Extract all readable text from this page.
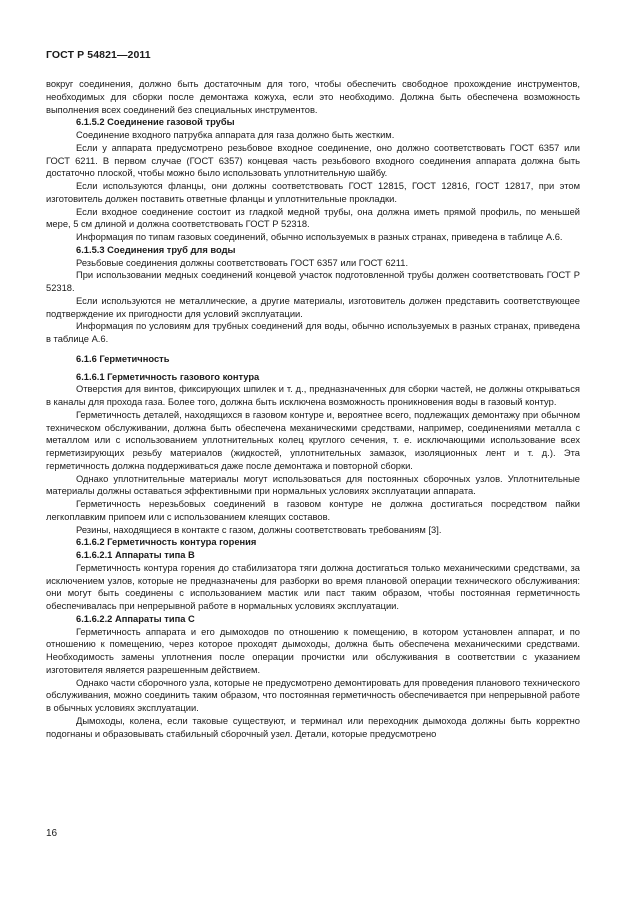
ГОСТ Р 54821—2011

вокруг соединения, должно быть достаточным для того, чтобы обеспечить свободное прохождение инструментов, необходимых для сборки после демонтажа кожуха, если это необходимо. Должна быть обеспечена возможность выполнения всех соединений без специальных инструментов.

6.1.5.2 Соединение газовой трубы

Соединение входного патрубка аппарата для газа должно быть жестким.

Если у аппарата предусмотрено резьбовое входное соединение, оно должно соответствовать ГОСТ 6357 или ГОСТ 6211. В первом случае (ГОСТ 6357) концевая часть резьбового входного соединения аппарата должна быть достаточно плоской, чтобы можно было использовать уплотнительную шайбу.

Если используются фланцы, они должны соответствовать ГОСТ 12815, ГОСТ 12816, ГОСТ 12817, при этом изготовитель должен поставить ответные фланцы и уплотнительные прокладки.

Если входное соединение состоит из гладкой медной трубы, она должна иметь прямой профиль, по меньшей мере, 5 см длиной и должна соответствовать ГОСТ Р 52318.

Информация по типам газовых соединений, обычно используемых в разных странах, приведена в таблице А.6.

6.1.5.3 Соединения труб для воды

Резьбовые соединения должны соответствовать ГОСТ 6357 или ГОСТ 6211.

При использовании медных соединений концевой участок подготовленной трубы должен соответствовать ГОСТ Р 52318.

Если используются не металлические, а другие материалы, изготовитель должен представить соответствующее подтверждение их пригодности для условий эксплуатации.

Информация по условиям для трубных соединений для воды, обычно используемых в разных странах, приведена в таблице А.6.

6.1.6 Герметичность
6.1.6.1 Герметичность газового контура

Отверстия для винтов, фиксирующих шпилек и т. д., предназначенных для сборки частей, не должны открываться в каналы для прохода газа. Более того, должна быть исключена возможность проникновения воды в газовый контур.

Герметичность деталей, находящихся в газовом контуре и, вероятнее всего, подлежащих демонтажу при обычном техническом обслуживании, должна быть обеспечена механическими средствами, например, соединениями металла с металлом или с использованием уплотнительных колец круглого сечения, т. е. исключающими использование всех герметизирующих резьбу материалов (жидкостей, уплотнительных замазок, изоляционных лент и т. д.). Эта герметичность должна поддерживаться даже после демонтажа и повторной сборки.

Однако уплотнительные материалы могут использоваться для постоянных сборочных узлов. Уплотнительные материалы должны оставаться эффективными при нормальных условиях эксплуатации аппарата.

Герметичность нерезьбовых соединений в газовом контуре не должна достигаться посредством пайки легкоплавким припоем или с использованием клеящих составов.

Резины, находящиеся в контакте с газом, должны соответствовать требованиям [3].

6.1.6.2 Герметичность контура горения
6.1.6.2.1 Аппараты типа В

Герметичность контура горения до стабилизатора тяги должна достигаться только механическими средствами, за исключением узлов, которые не предназначены для разборки во время плановой операции технического обслуживания: они могут быть соединены с использованием мастик или паст таким образом, чтобы постоянная герметичность обеспечивалась при непрерывной работе в нормальных условиях эксплуатации.

6.1.6.2.2 Аппараты типа С

Герметичность аппарата и его дымоходов по отношению к помещению, в котором установлен аппарат, и по отношению к помещению, через которое проходят дымоходы, должна быть обеспечена механическими средствами. Необходимость замены уплотнения после операции прочистки или обслуживания в соответствии с указанием изготовителя является разрешенным действием.

Однако части сборочного узла, которые не предусмотрено демонтировать для проведения планового технического обслуживания, можно соединить таким образом, что постоянная герметичность обеспечивается при непрерывной работе в обычных условиях эксплуатации.

Дымоходы, колена, если таковые существуют, и терминал или переходник дымохода должны быть корректно подогнаны и образовывать стабильный сборочный узел. Детали, которые предусмотрено

16
